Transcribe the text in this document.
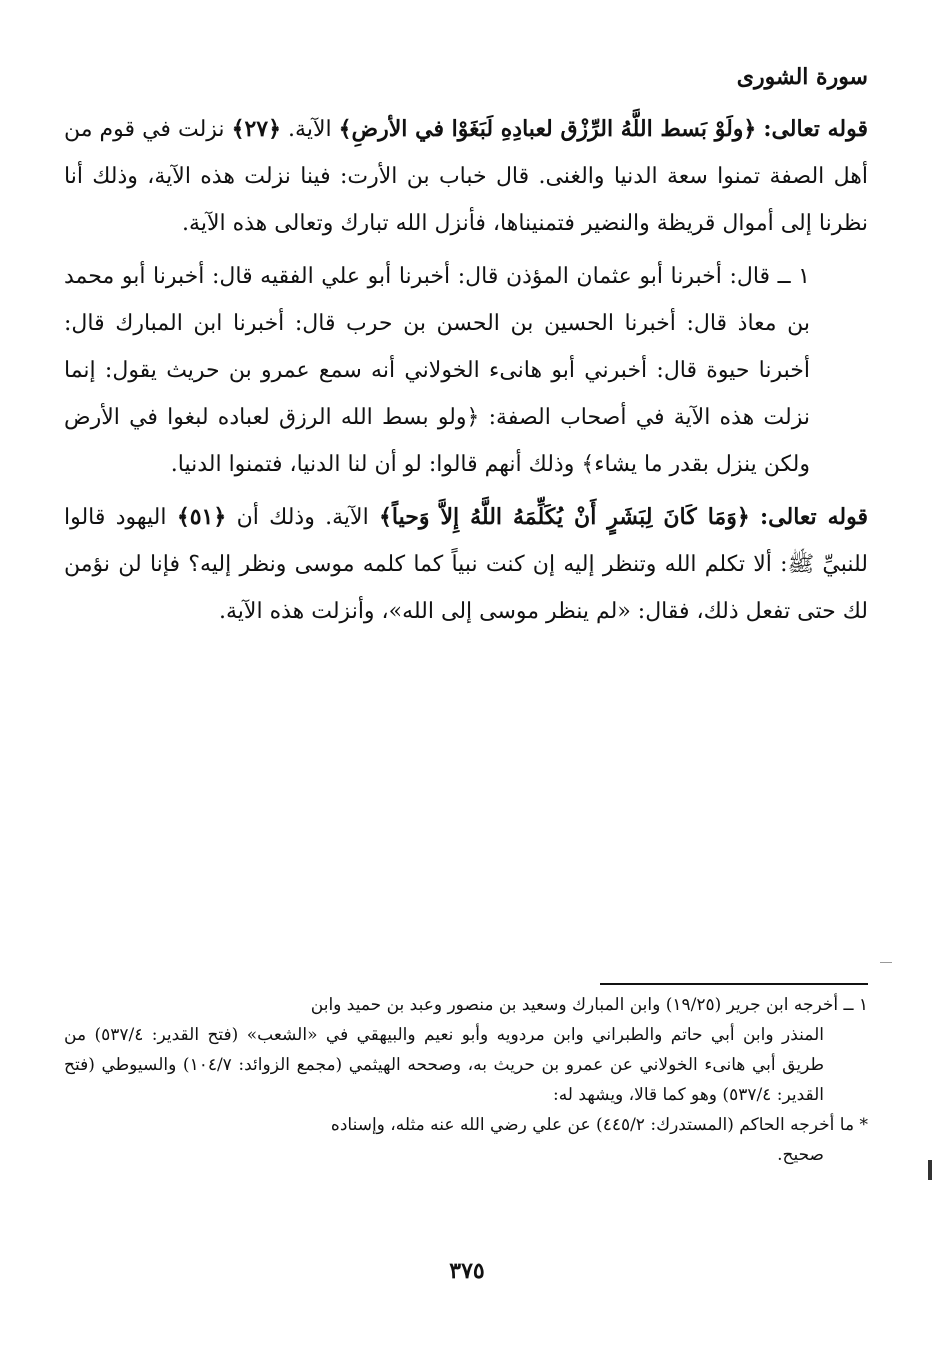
سورة الشورى

قوله تعالى: ﴿ولَوْ بَسط اللَّهُ الرِّزْق لعبادِهِ لَبَغَوْا في الأرضِ﴾ الآية. ﴿٢٧﴾ نزلت في قوم من أهل الصفة تمنوا سعة الدنيا والغنى. قال خباب بن الأرت: فينا نزلت هذه الآية، وذلك أنا نظرنا إلى أموال قريظة والنضير فتمنيناها، فأنزل الله تبارك وتعالى هذه الآية.

١ ــ قال: أخبرنا أبو عثمان المؤذن قال: أخبرنا أبو علي الفقيه قال: أخبرنا أبو محمد بن معاذ قال: أخبرنا الحسين بن الحسن بن حرب قال: أخبرنا ابن المبارك قال: أخبرنا حيوة قال: أخبرني أبو هانىء الخولاني أنه سمع عمرو بن حريث يقول: إنما نزلت هذه الآية في أصحاب الصفة: ﴿ولو بسط الله الرزق لعباده لبغوا في الأرض ولكن ينزل بقدر ما يشاء﴾ وذلك أنهم قالوا: لو أن لنا الدنيا، فتمنوا الدنيا.

قوله تعالى: ﴿وَمَا كَانَ لِبَشَرٍ أَنْ يُكَلِّمَهُ اللَّهُ إِلاَّ وَحياً﴾ الآية. وذلك أن ﴿٥١﴾ اليهود قالوا للنبيِّ ﷺ: ألا تكلم الله وتنظر إليه إن كنت نبياً كما كلمه موسى ونظر إليه؟ فإنا لن نؤمن لك حتى تفعل ذلك، فقال: «لم ينظر موسى إلى الله»، وأنزلت هذه الآية.

١ ــ أخرجه ابن جرير (١٩/٢٥) وابن المبارك وسعيد بن منصور وعبد بن حميد وابن

المنذر وابن أبي حاتم والطبراني وابن مردويه وأبو نعيم والبيهقي في «الشعب» (فتح القدير: ٥٣٧/٤) من طريق أبي هانىء الخولاني عن عمرو بن حريث به، وصححه الهيثمي (مجمع الزوائد: ١٠٤/٧) والسيوطي (فتح القدير: ٥٣٧/٤) وهو كما قالا، ويشهد له:

* ما أخرجه الحاكم (المستدرك: ٤٤٥/٢) عن علي رضي الله عنه مثله، وإسناده

صحيح.

٣٧٥
